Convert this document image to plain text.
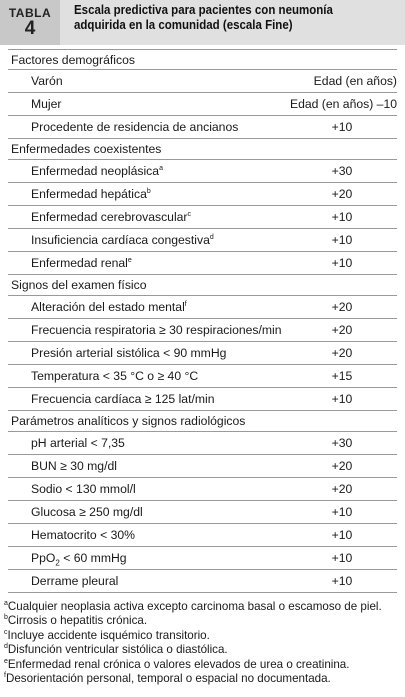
TABLA
4
Escala predictiva para pacientes con neumonía adquirida en la comunidad (escala Fine)
Factores demográficos
Varón	Edad (en años)
Mujer	Edad (en años) –10
Procedente de residencia de ancianos	+10
Enfermedades coexistentes
Enfermedad neoplásica$^a$	+30
Enfermedad hepática$^b$	+20
Enfermedad cerebrovascular$^c$	+10
Insuficiencia cardíaca congestiva$^d$	+10
Enfermedad renal$^e$	+10
Signos del examen físico
Alteración del estado mental$^f$	+20
Frecuencia respiratoria ≥ 30 respiraciones/min	+20
Presión arterial sistólica < 90 mmHg	+20
Temperatura < 35 °C o ≥ 40 °C	+15
Frecuencia cardíaca ≥ 125 lat/min	+10
Parámetros analíticos y signos radiológicos
pH arterial < 7,35	+30
BUN ≥ 30 mg/dl	+20
Sodio < 130 mmol/l	+20
Glucosa ≥ 250 mg/dl	+10
Hematocrito < 30%	+10
PpO$_2$ < 60 mmHg	+10
Derrame pleural	+10
$^a$Cualquier neoplasia activa excepto carcinoma basal o escamoso de piel.
$^b$Cirrosis o hepatitis crónica.
$^c$Incluye accidente isquémico transitorio.
$^d$Disfunción ventricular sistólica o diastólica.
$^e$Enfermedad renal crónica o valores elevados de urea o creatinina.
$^f$Desorientación personal, temporal o espacial no documentada.
